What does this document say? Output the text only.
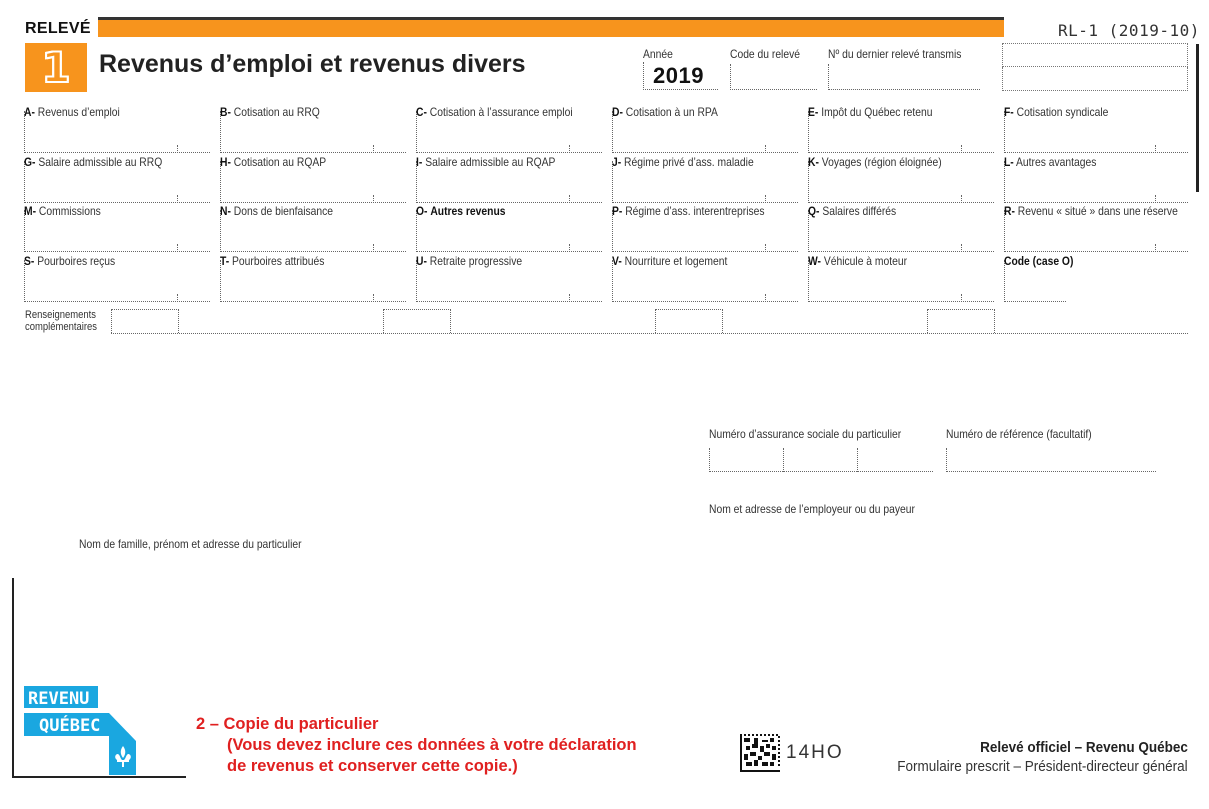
RELEVÉ	RL-1 (2019-10)
1 Revenus d’emploi et revenus divers	Année
2019
Code du relevé Nº du dernier relevé transmis
A- Revenus d’emploi	B- Cotisation au RRQ	C- Cotisation à l’assurance emploi	D- Cotisation à un RPA	E- Impôt du Québec retenu	F- Cotisation syndicale
G- Salaire admissible au RRQ	H- Cotisation au RQAP	I- Salaire admissible au RQAP	J- Régime privé d’ass. maladie	K- Voyages (région éloignée)	L- Autres avantages
M- Commissions	N- Dons de bienfaisance	O- Autres revenus	P- Régime d’ass. interentreprises	Q- Salaires différés	R- Revenu « situé » dans une réserve
S- Pourboires reçus	T- Pourboires attribués	U- Retraite progressive	V- Nourriture et logement	W- Véhicule à moteur	Code (case O)
Renseignements
complémentaires
Numéro d’assurance sociale du particulier	Numéro de référence (facultatif)
Nom et adresse de l’employeur ou du payeur
Nom de famille, prénom et adresse du particulier
REVENU
QUÉBEC	2 – Copie du particulier
(Vous devez inclure ces données à votre déclaration
de revenus et conserver cette copie.)
14HO	Relevé officiel – Revenu Québec
Formulaire prescrit – Président-directeur général
